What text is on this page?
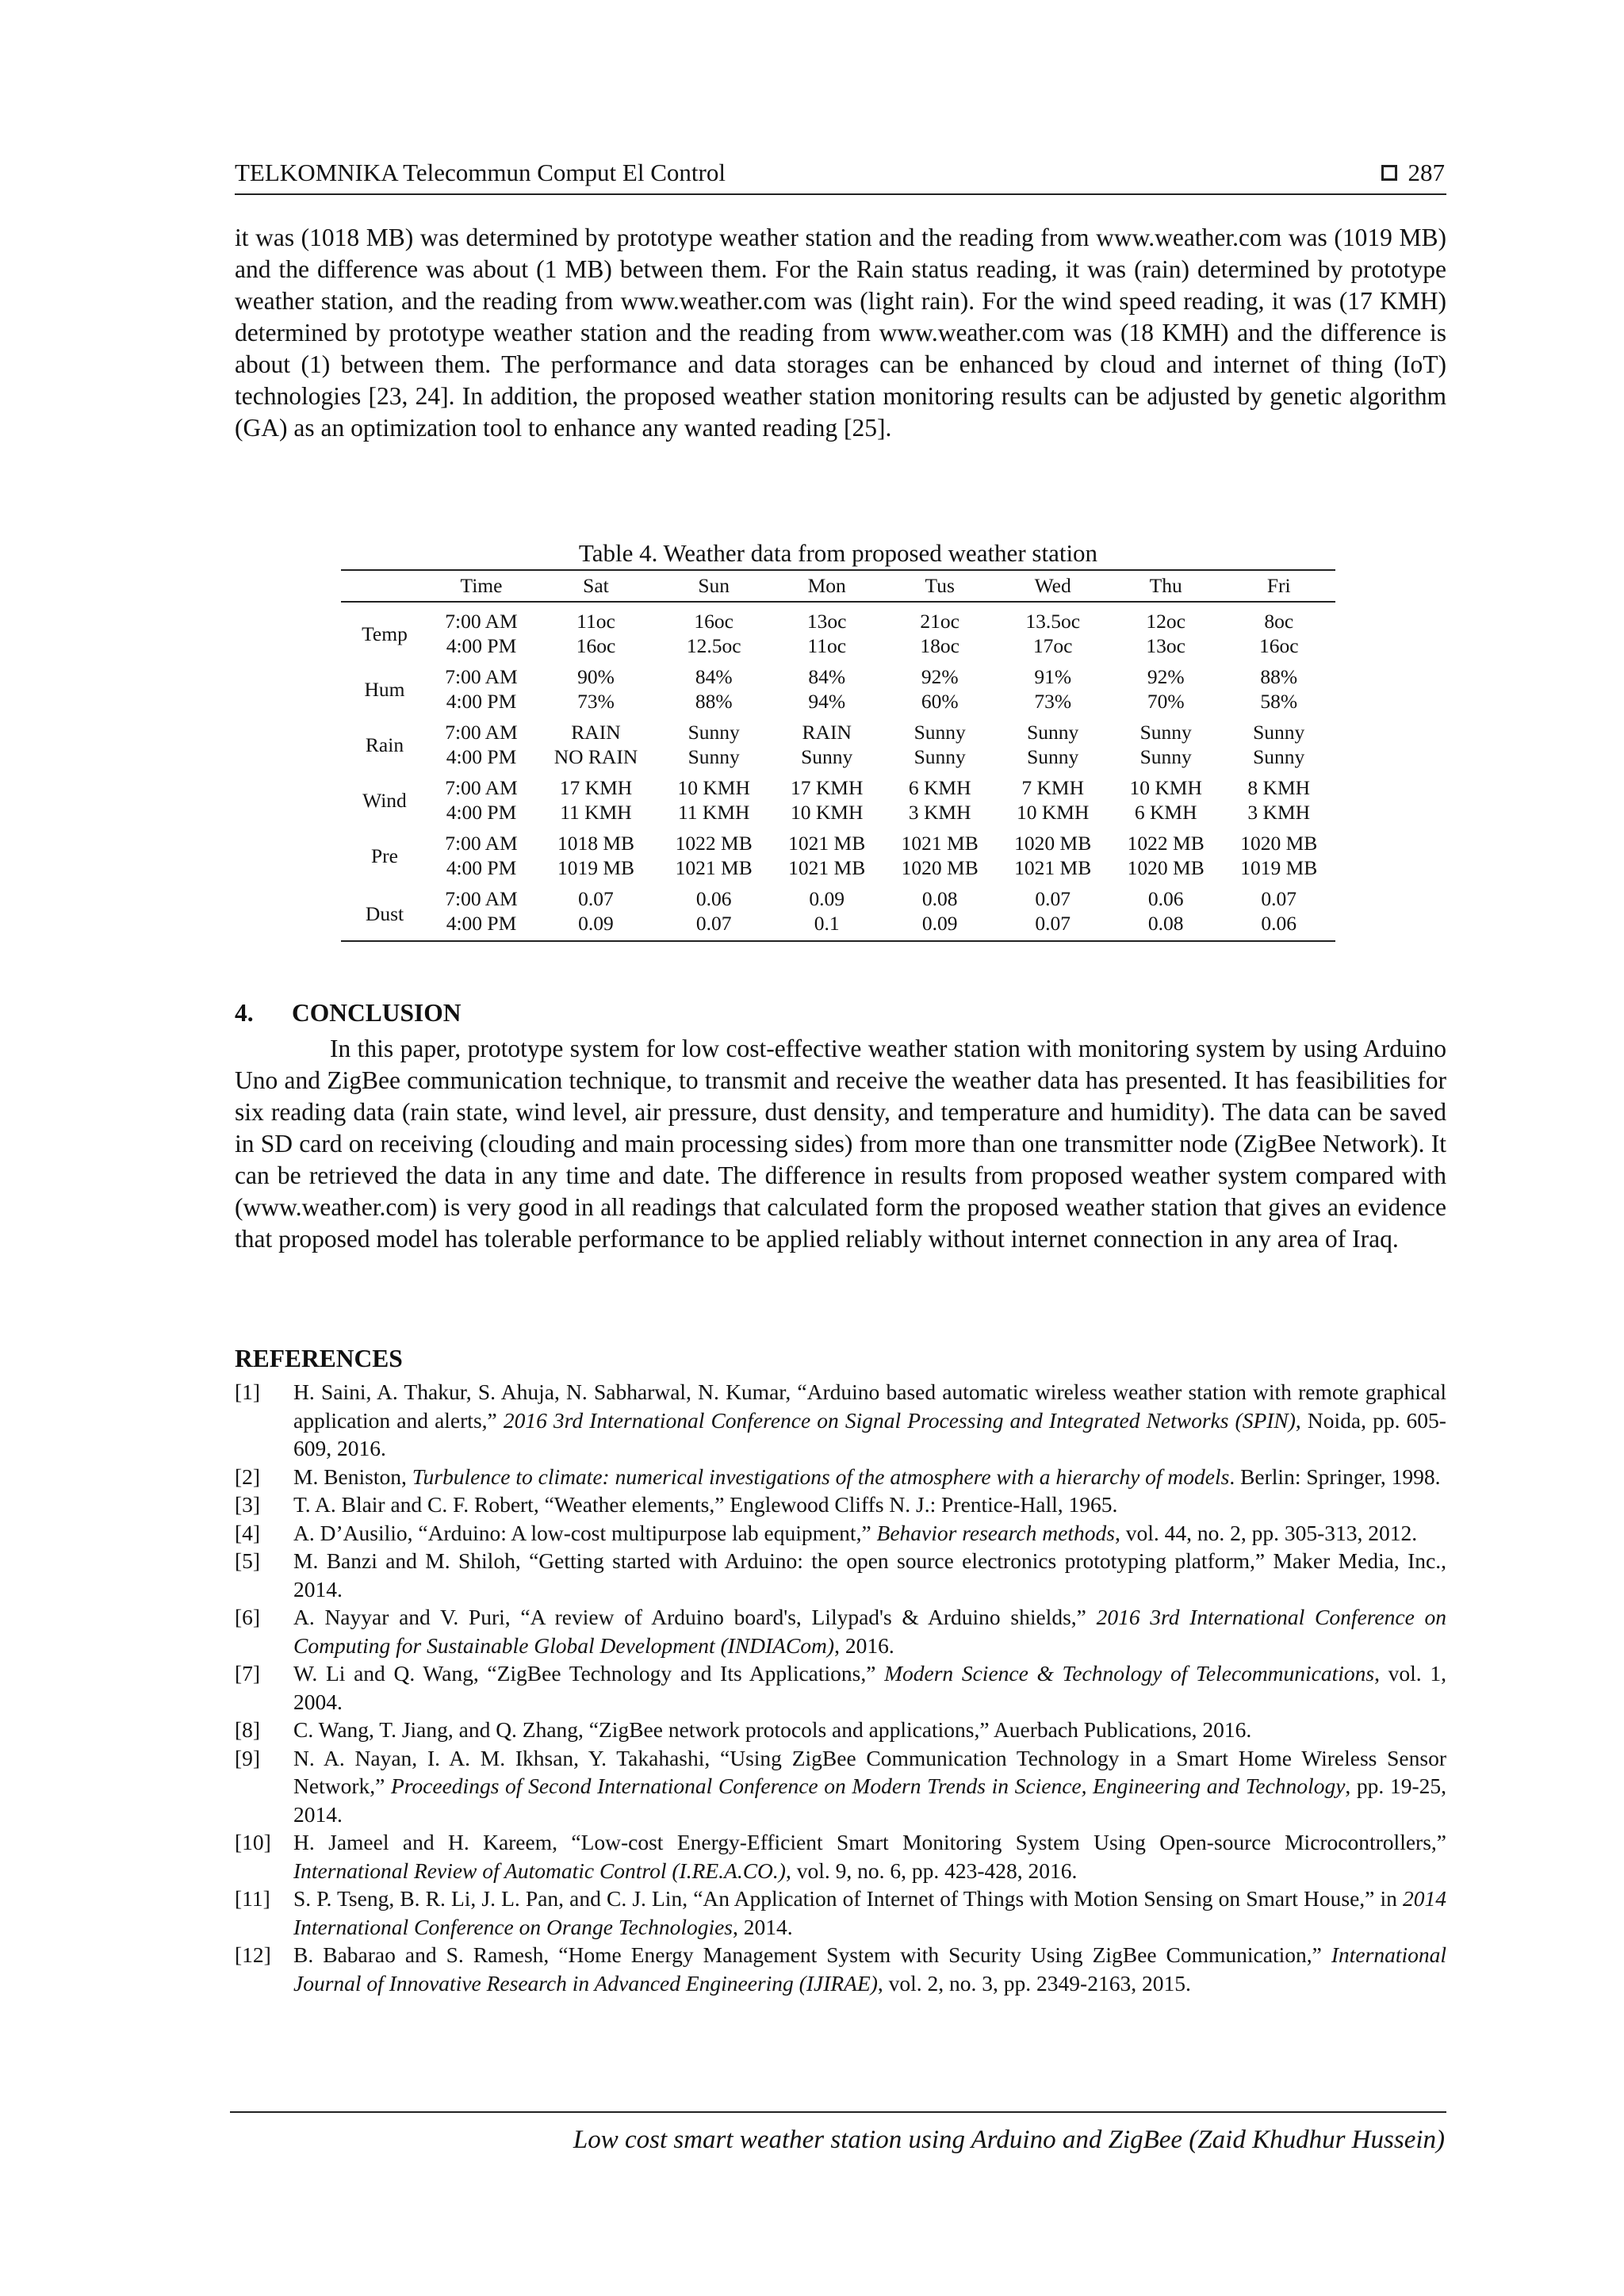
TELKOMNIKA Telecommun Comput El Control	287

it was (1018 MB) was determined by prototype weather station and the reading from www.weather.com was (1019 MB) and the difference was about (1 MB) between them. For the Rain status reading, it was (rain) determined by prototype weather station, and the reading from www.weather.com was (light rain). For the wind speed reading, it was (17 KMH) determined by prototype weather station and the reading from www.weather.com was (18 KMH) and the difference is about (1) between them. The performance and data storages can be enhanced by cloud and internet of thing (IoT) technologies [23, 24]. In addition, the proposed weather station monitoring results can be adjusted by genetic algorithm (GA) as an optimization tool to enhance any wanted reading [25].

Table 4. Weather data from proposed weather station
	Time	Sat	Sun	Mon	Tus	Wed	Thu	Fri
Temp	7:00 AM	11oc	16oc	13oc	21oc	13.5oc	12oc	8oc
	4:00 PM	16oc	12.5oc	11oc	18oc	17oc	13oc	16oc
Hum	7:00 AM	90%	84%	84%	92%	91%	92%	88%
	4:00 PM	73%	88%	94%	60%	73%	70%	58%
Rain	7:00 AM	RAIN	Sunny	RAIN	Sunny	Sunny	Sunny	Sunny
	4:00 PM	NO RAIN	Sunny	Sunny	Sunny	Sunny	Sunny	Sunny
Wind	7:00 AM	17 KMH	10 KMH	17 KMH	6 KMH	7 KMH	10 KMH	8 KMH
	4:00 PM	11 KMH	11 KMH	10 KMH	3 KMH	10 KMH	6 KMH	3 KMH
Pre	7:00 AM	1018 MB	1022 MB	1021 MB	1021 MB	1020 MB	1022 MB	1020 MB
	4:00 PM	1019 MB	1021 MB	1021 MB	1020 MB	1021 MB	1020 MB	1019 MB
Dust	7:00 AM	0.07	0.06	0.09	0.08	0.07	0.06	0.07
	4:00 PM	0.09	0.07	0.1	0.09	0.07	0.08	0.06
4. CONCLUSION

In this paper, prototype system for low cost-effective weather station with monitoring system by using Arduino Uno and ZigBee communication technique, to transmit and receive the weather data has presented. It has feasibilities for six reading data (rain state, wind level, air pressure, dust density, and temperature and humidity). The data can be saved in SD card on receiving (clouding and main processing sides) from more than one transmitter node (ZigBee Network). It can be retrieved the data in any time and date. The difference in results from proposed weather system compared with (www.weather.com) is very good in all readings that calculated form the proposed weather station that gives an evidence that proposed model has tolerable performance to be applied reliably without internet connection in any area of Iraq.

REFERENCES
[1]	H. Saini, A. Thakur, S. Ahuja, N. Sabharwal, N. Kumar, “Arduino based automatic wireless weather station with remote graphical application and alerts,” 2016 3rd International Conference on Signal Processing and Integrated Networks (SPIN), Noida, pp. 605-609, 2016.
[2]	M. Beniston, Turbulence to climate: numerical investigations of the atmosphere with a hierarchy of models. Berlin: Springer, 1998.
[3]	T. A. Blair and C. F. Robert, “Weather elements,” Englewood Cliffs N. J.: Prentice-Hall, 1965.
[4]	A. D’Ausilio, “Arduino: A low-cost multipurpose lab equipment,” Behavior research methods, vol. 44, no. 2, pp. 305-313, 2012.
[5]	M. Banzi and M. Shiloh, “Getting started with Arduino: the open source electronics prototyping platform,” Maker Media, Inc., 2014.
[6]	A. Nayyar and V. Puri, “A review of Arduino board's, Lilypad's & Arduino shields,” 2016 3rd International Conference on Computing for Sustainable Global Development (INDIACom), 2016.
[7]	W. Li and Q. Wang, “ZigBee Technology and Its Applications,” Modern Science & Technology of Telecommunications, vol. 1, 2004.
[8]	C. Wang, T. Jiang, and Q. Zhang, “ZigBee network protocols and applications,” Auerbach Publications, 2016.
[9]	N. A. Nayan, I. A. M. Ikhsan, Y. Takahashi, “Using ZigBee Communication Technology in a Smart Home Wireless Sensor Network,” Proceedings of Second International Conference on Modern Trends in Science, Engineering and Technology, pp. 19-25, 2014.
[10]	H. Jameel and H. Kareem, “Low-cost Energy-Efficient Smart Monitoring System Using Open-source Microcontrollers,” International Review of Automatic Control (I.RE.A.CO.), vol. 9, no. 6, pp. 423-428, 2016.
[11]	S. P. Tseng, B. R. Li, J. L. Pan, and C. J. Lin, “An Application of Internet of Things with Motion Sensing on Smart House,” in 2014 International Conference on Orange Technologies, 2014.
[12]	B. Babarao and S. Ramesh, “Home Energy Management System with Security Using ZigBee Communication,” International Journal of Innovative Research in Advanced Engineering (IJIRAE), vol. 2, no. 3, pp. 2349-2163, 2015.
Low cost smart weather station using Arduino and ZigBee (Zaid Khudhur Hussein)
